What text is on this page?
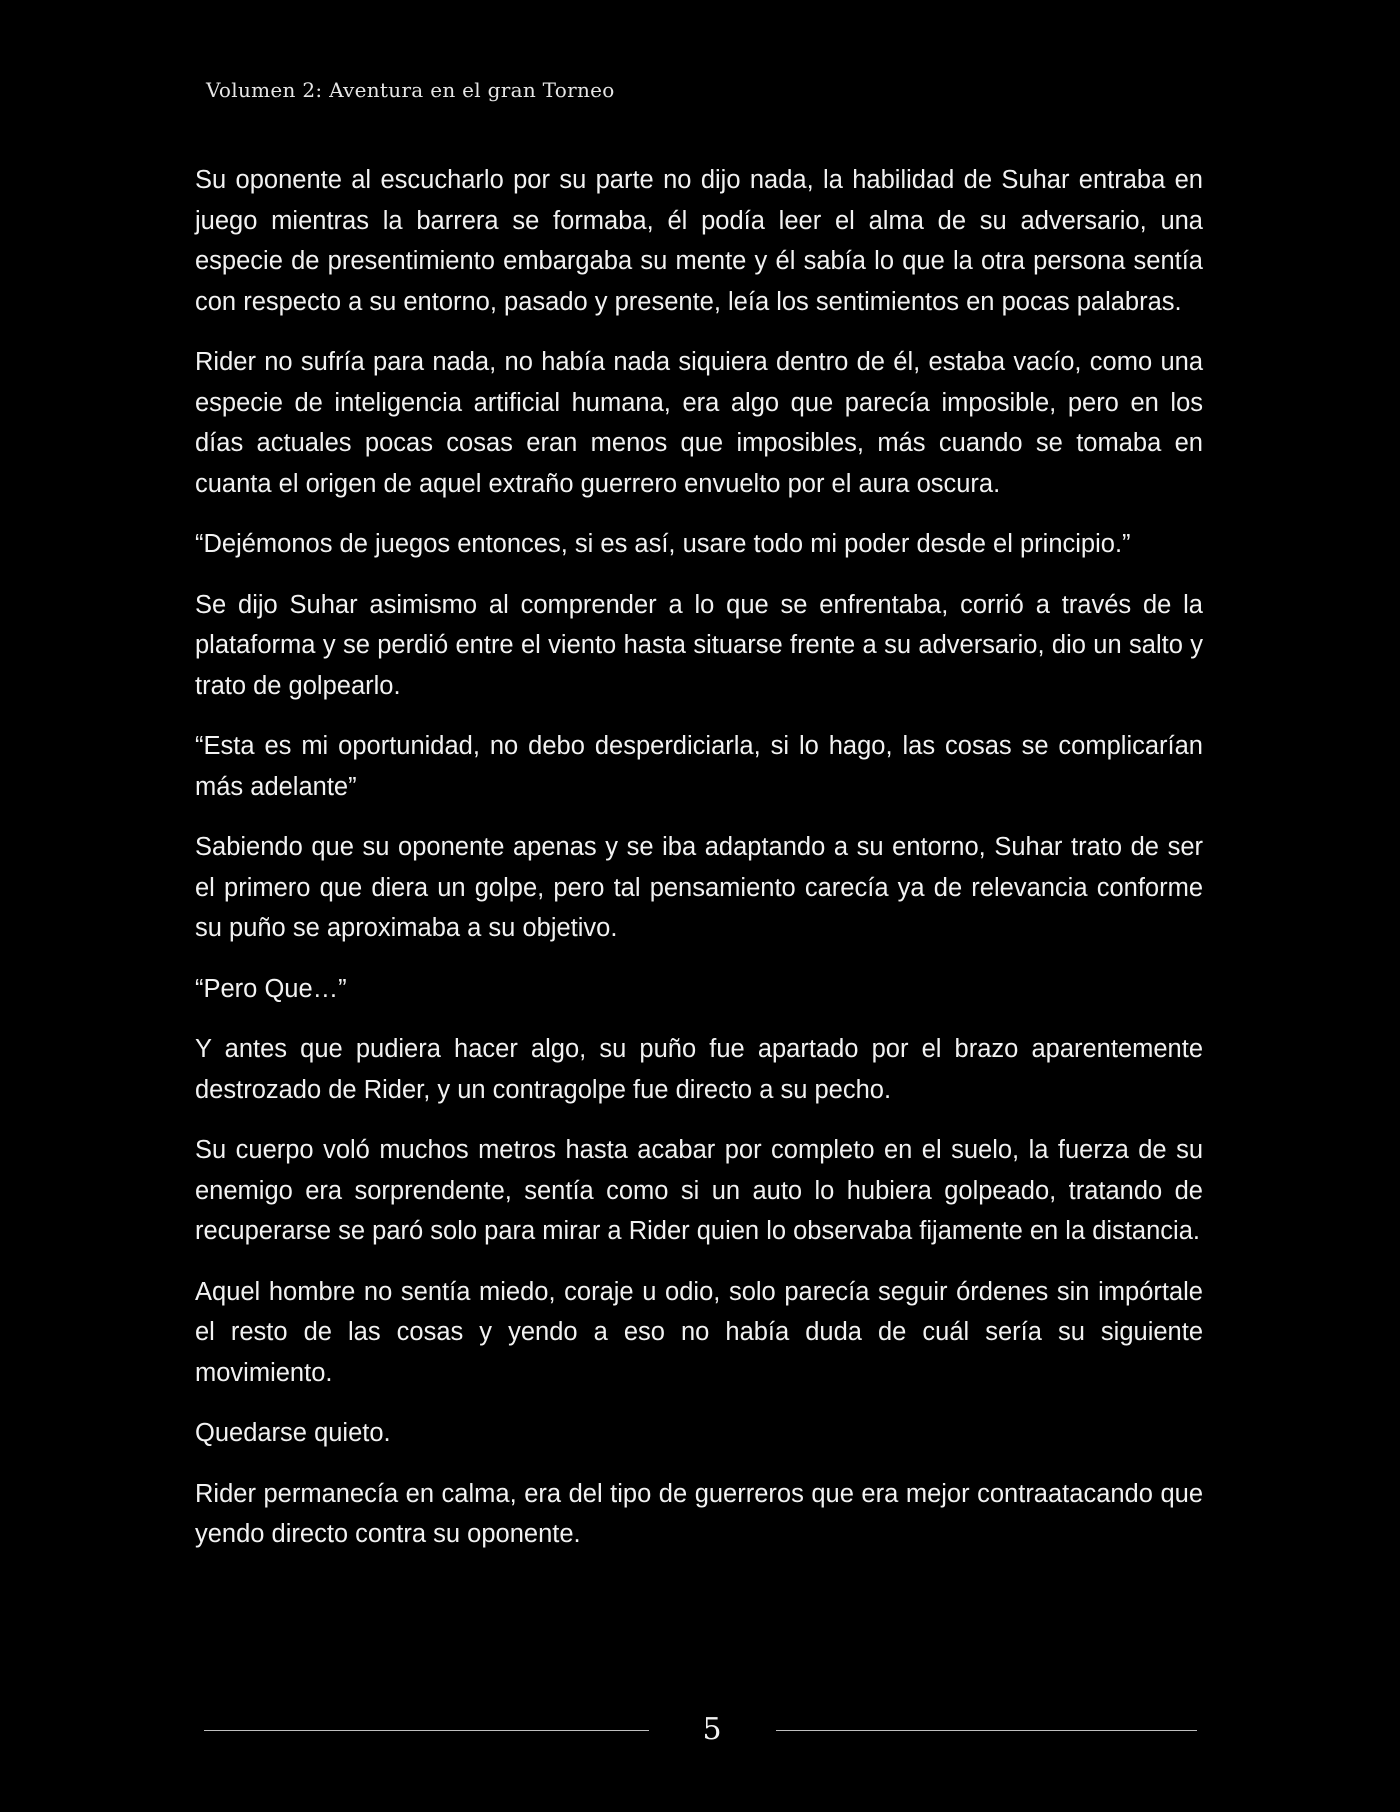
Volumen 2: Aventura en el gran Torneo

Su oponente al escucharlo por su parte no dijo nada, la habilidad de Suhar entraba en juego mientras la barrera se formaba, él podía leer el alma de su adversario, una especie de presentimiento embargaba su mente y él sabía lo que la otra persona sentía con respecto a su entorno, pasado y presente, leía los sentimientos en pocas palabras.

Rider no sufría para nada, no había nada siquiera dentro de él, estaba vacío, como una especie de inteligencia artificial humana, era algo que parecía imposible, pero en los días actuales pocas cosas eran menos que imposibles, más cuando se tomaba en cuanta el origen de aquel extraño guerrero envuelto por el aura oscura.

“Dejémonos de juegos entonces, si es así, usare todo mi poder desde el principio.”

Se dijo Suhar asimismo al comprender a lo que se enfrentaba, corrió a través de la plataforma y se perdió entre el viento hasta situarse frente a su adversario, dio un salto y trato de golpearlo.

“Esta es mi oportunidad, no debo desperdiciarla, si lo hago, las cosas se complicarían más adelante”

Sabiendo que su oponente apenas y se iba adaptando a su entorno, Suhar trato de ser el primero que diera un golpe, pero tal pensamiento carecía ya de relevancia conforme su puño se aproximaba a su objetivo.

“Pero Que…”

Y antes que pudiera hacer algo, su puño fue apartado por el brazo aparentemente destrozado de Rider, y un contragolpe fue directo a su pecho.

Su cuerpo voló muchos metros hasta acabar por completo en el suelo, la fuerza de su enemigo era sorprendente, sentía como si un auto lo hubiera golpeado, tratando de recuperarse se paró solo para mirar a Rider quien lo observaba fijamente en la distancia.

Aquel hombre no sentía miedo, coraje u odio, solo parecía seguir órdenes sin impórtale el resto de las cosas y yendo a eso no había duda de cuál sería su siguiente movimiento.

Quedarse quieto.

Rider permanecía en calma, era del tipo de guerreros que era mejor contraatacando que yendo directo contra su oponente.

5
